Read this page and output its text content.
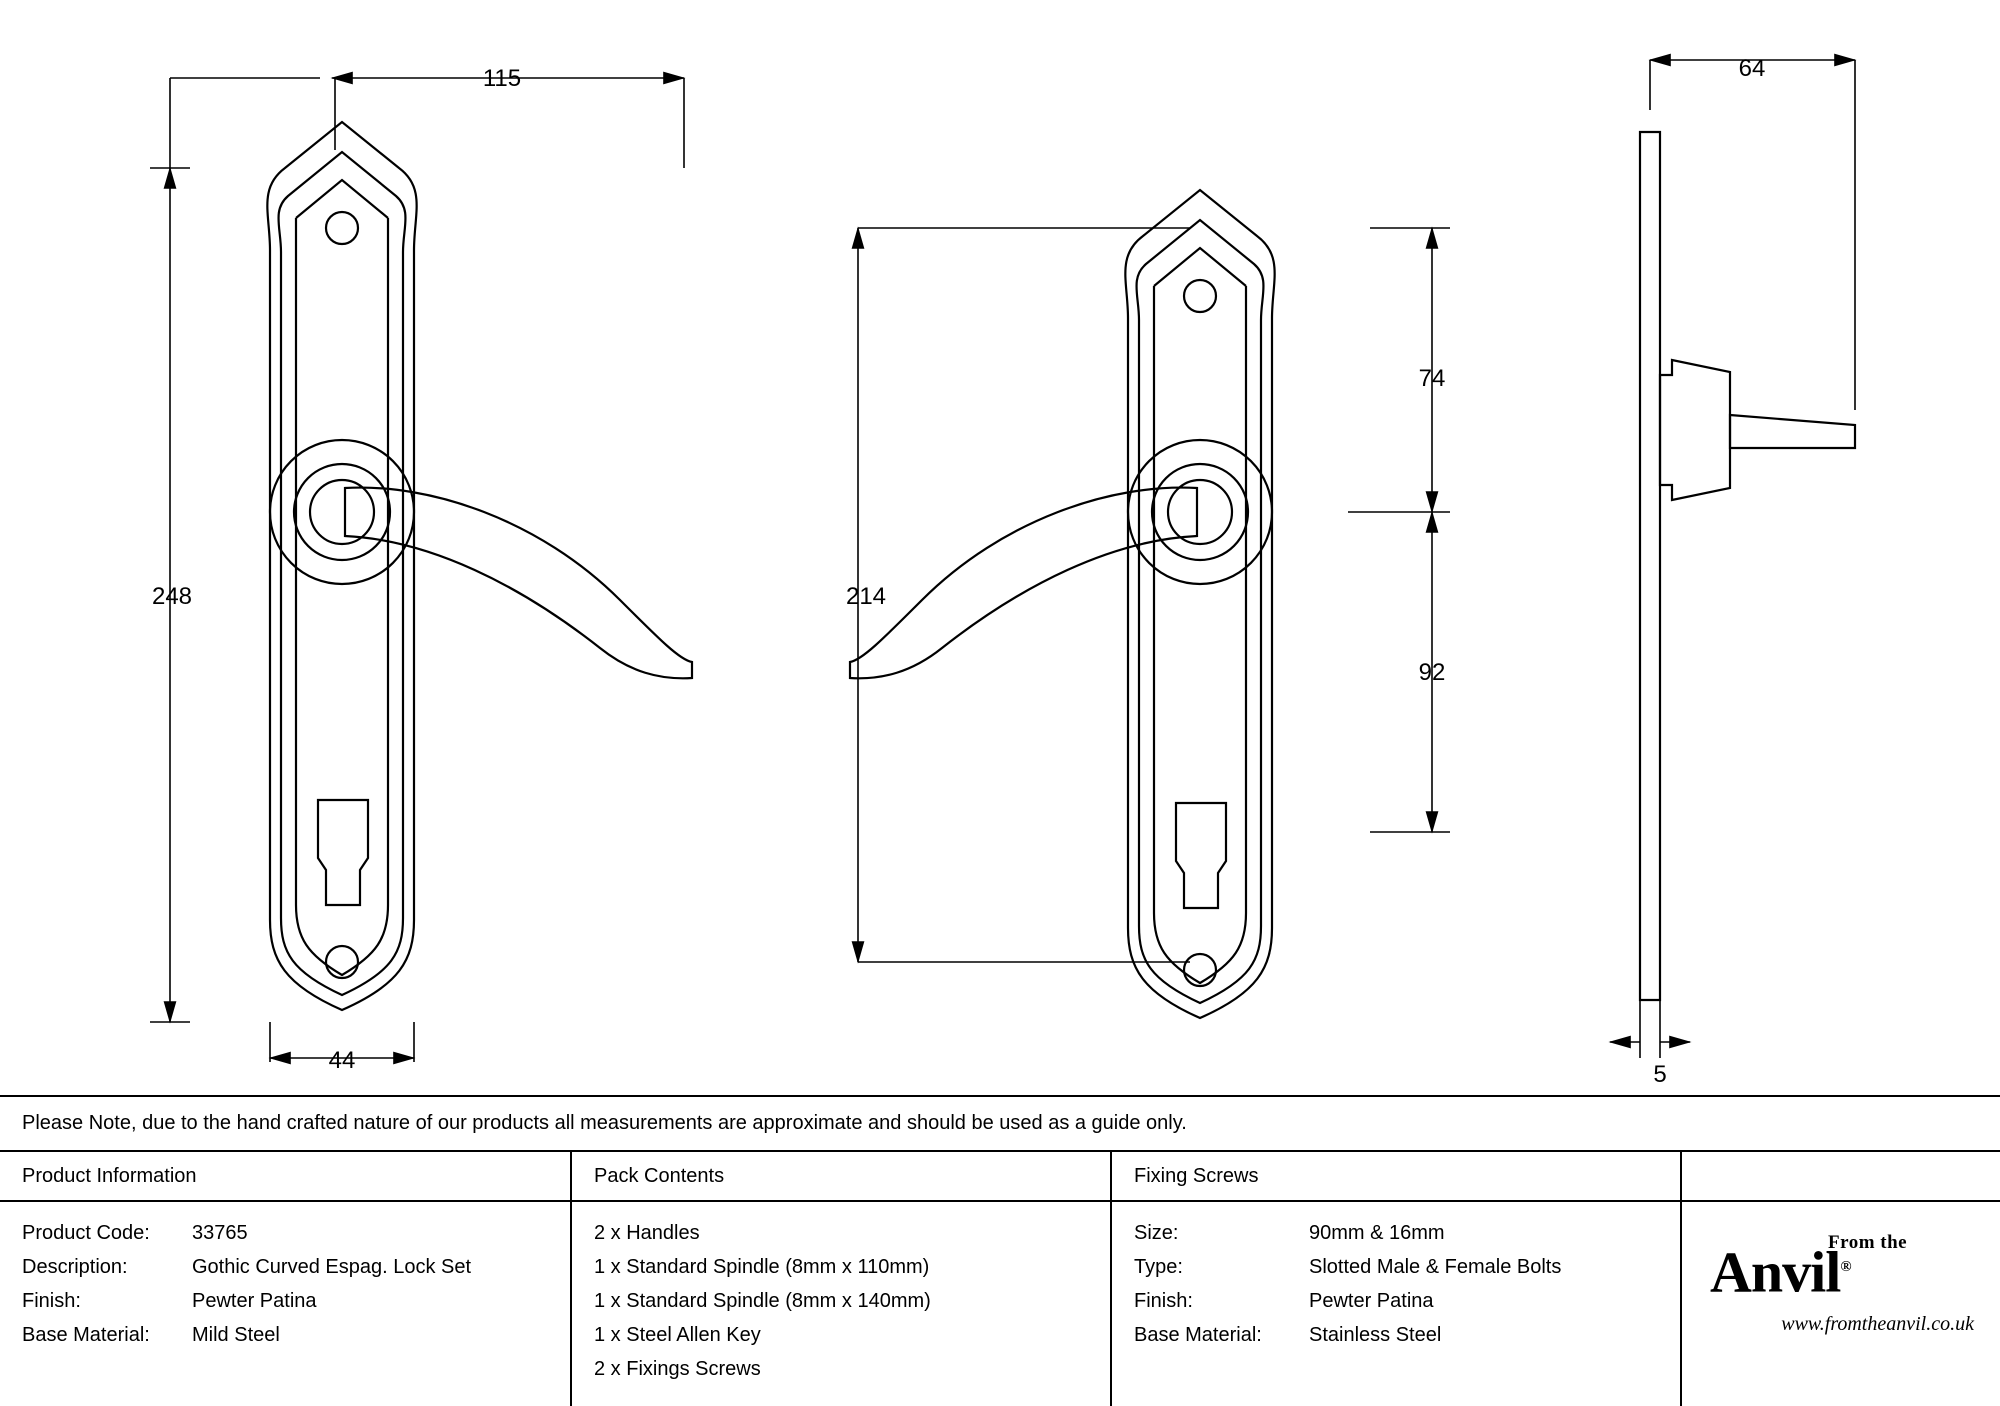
115
248
44
214
74
92
64
5
Please Note, due to the hand crafted nature of our products all measurements are approximate and should be used as a guide only.
Product Information	Pack Contents	Fixing Screws
Product Code:	33765
Description:	Gothic Curved Espag. Lock Set
Finish:	Pewter Patina
Base Material:	Mild Steel
2 x Handles
1 x Standard Spindle (8mm x 110mm)
1 x Standard Spindle (8mm x 140mm)
1 x Steel Allen Key
2 x Fixings Screws
Size:	90mm & 16mm
Type:	Slotted Male & Female Bolts
Finish:	Pewter Patina
Base Material:	Stainless Steel
From the
Anvil®
www.fromtheanvil.co.uk
